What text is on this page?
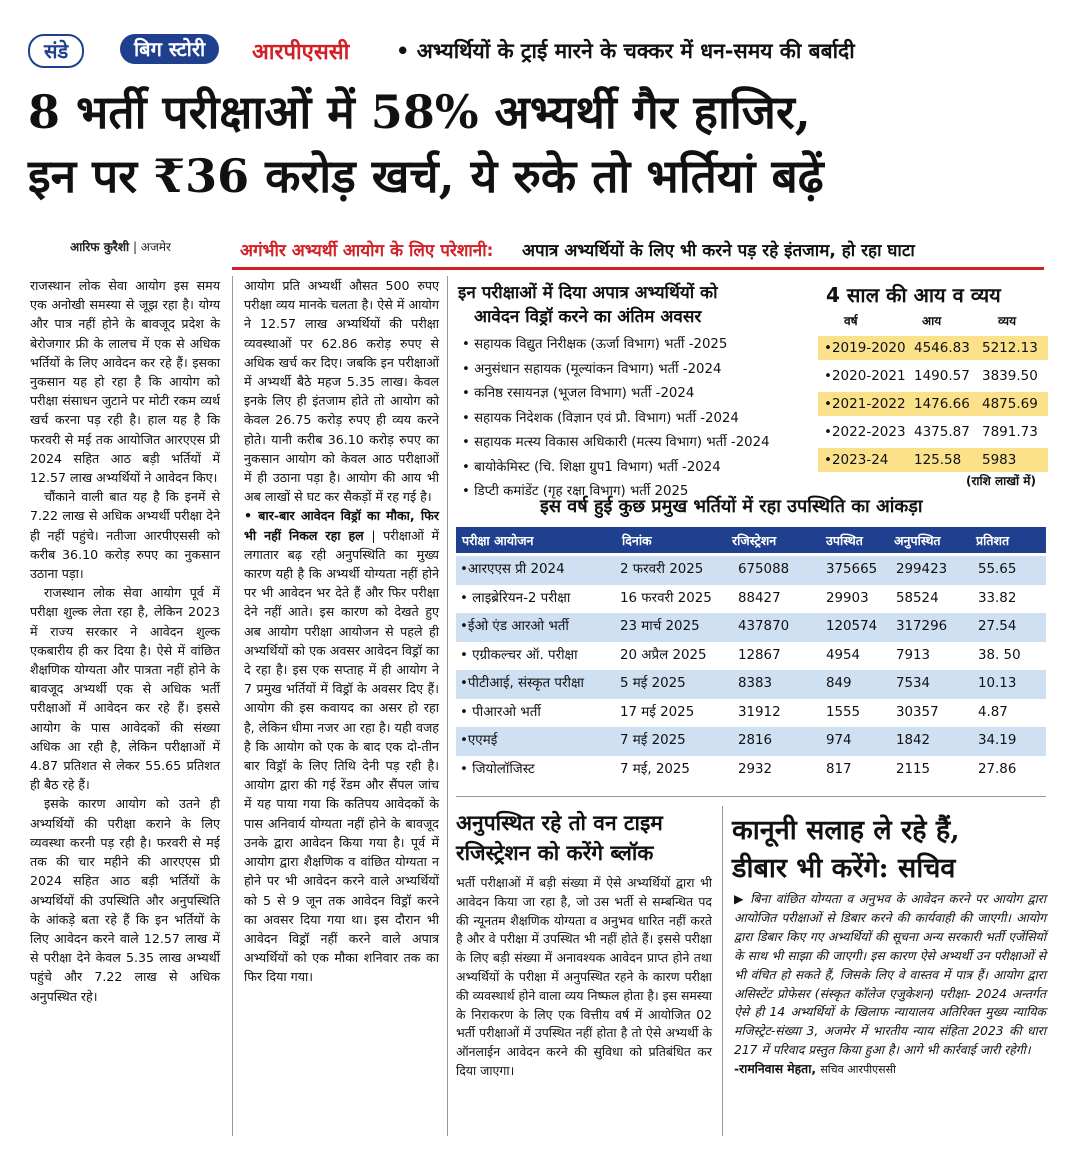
संडे	बिग स्टोरी	आरपीएससी • अभ्यर्थियों के ट्राई मारने के चक्कर में धन-समय की बर्बादी
8 भर्ती परीक्षाओं में 58% अभ्यर्थी गैर हाजिर,
इन पर ₹36 करोड़ खर्च, ये रुके तो भर्तियां बढ़ें
आरिफ कुरैशी | अजमेर	अगंभीर अभ्यर्थी आयोग के लिए परेशानी: अपात्र अभ्यर्थियों के लिए भी करने पड़ रहे इंतजाम, हो रहा घाटा

राजस्थान लोक सेवा आयोग इस समय एक अनोखी समस्या से जूझ रहा है। योग्य और पात्र नहीं होने के बावजूद प्रदेश के बेरोजगार फ्री के लालच में एक से अधिक भर्तियों के लिए आवेदन कर रहे हैं। इसका नुकसान यह हो रहा है कि आयोग को परीक्षा संसाधन जुटाने पर मोटी रकम व्यर्थ खर्च करना पड़ रही है। हाल यह है कि फरवरी से मई तक आयोजित आरएएस प्री 2024 सहित आठ बड़ी भर्तियों में 12.57 लाख अभ्यर्थियों ने आवेदन किए।

चौंकाने वाली बात यह है कि इनमें से 7.22 लाख से अधिक अभ्यर्थी परीक्षा देने ही नहीं पहुंचे। नतीजा आरपीएससी को करीब 36.10 करोड़ रुपए का नुकसान उठाना पड़ा।

राजस्थान लोक सेवा आयोग पूर्व में परीक्षा शुल्क लेता रहा है, लेकिन 2023 में राज्य सरकार ने आवेदन शुल्क एकबारीय ही कर दिया है। ऐसे में वांछित शैक्षणिक योग्यता और पात्रता नहीं होने के बावजूद अभ्यर्थी एक से अधिक भर्ती परीक्षाओं में आवेदन कर रहे हैं। इससे आयोग के पास आवेदकों की संख्या अधिक आ रही है, लेकिन परीक्षाओं में 4.87 प्रतिशत से लेकर 55.65 प्रतिशत ही बैठ रहे हैं।

इसके कारण आयोग को उतने ही अभ्यर्थियों की परीक्षा कराने के लिए व्यवस्था करनी पड़ रही है। फरवरी से मई तक की चार महीने की आरएएस प्री 2024 सहित आठ बड़ी भर्तियों के अभ्यर्थियों की उपस्थिति और अनुपस्थिति के आंकड़े बता रहे हैं कि इन भर्तियों के लिए आवेदन करने वाले 12.57 लाख में से परीक्षा देने केवल 5.35 लाख अभ्यर्थी पहुंचे और 7.22 लाख से अधिक अनुपस्थित रहे।

आयोग प्रति अभ्यर्थी औसत 500 रुपए परीक्षा व्यय मानके चलता है। ऐसे में आयोग ने 12.57 लाख अभ्यर्थियों की परीक्षा व्यवस्थाओं पर 62.86 करोड़ रुपए से अधिक खर्च कर दिए। जबकि इन परीक्षाओं में अभ्यर्थी बैठे महज 5.35 लाख। केवल इनके लिए ही इंतजाम होते तो आयोग को केवल 26.75 करोड़ रुपए ही व्यय करने होते। यानी करीब 36.10 करोड़ रुपए का नुकसान आयोग को केवल आठ परीक्षाओं में ही उठाना पड़ा है। आयोग की आय भी अब लाखों से घट कर सैकड़ों में रह गई है।

• बार-बार आवेदन विड्रॉ का मौका, फिर भी नहीं निकल रहा हल | परीक्षाओं में लगातार बढ़ रही अनुपस्थिति का मुख्य कारण यही है कि अभ्यर्थी योग्यता नहीं होने पर भी आवेदन भर देते हैं और फिर परीक्षा देने नहीं आते। इस कारण को देखते हुए अब आयोग परीक्षा आयोजन से पहले ही अभ्यर्थियों को एक अवसर आवेदन विड्रॉ का दे रहा है। इस एक सप्ताह में ही आयोग ने 7 प्रमुख भर्तियों में विड्रॉ के अवसर दिए हैं। आयोग की इस कवायद का असर हो रहा है, लेकिन धीमा नजर आ रहा है। यही वजह है कि आयोग को एक के बाद एक दो-तीन बार विड्रॉ के लिए तिथि देनी पड़ रही है। आयोग द्वारा की गई रेंडम और सैंपल जांच में यह पाया गया कि कतिपय आवेदकों के पास अनिवार्य योग्यता नहीं होने के बावजूद उनके द्वारा आवेदन किया गया है। पूर्व में आयोग द्वारा शैक्षणिक व वांछित योग्यता न होने पर भी आवेदन करने वाले अभ्यर्थियों को 5 से 9 जून तक आवेदन विड्रॉ करने का अवसर दिया गया था। इस दौरान भी आवेदन विड्रॉ नहीं करने वाले अपात्र अभ्यर्थियों को एक मौका शनिवार तक का फिर दिया गया।

इन परीक्षाओं में दिया अपात्र अभ्यर्थियों को
आवेदन विड्रॉ करने का अंतिम अवसर
• सहायक विद्युत निरीक्षक (ऊर्जा विभाग) भर्ती -2025
• अनुसंधान सहायक (मूल्यांकन विभाग) भर्ती -2024
• कनिष्ठ रसायनज्ञ (भूजल विभाग) भर्ती -2024
• सहायक निदेशक (विज्ञान एवं प्रौ. विभाग) भर्ती -2024
• सहायक मत्स्य विकास अधिकारी (मत्स्य विभाग) भर्ती -2024
• बायोकेमिस्ट (चि. शिक्षा ग्रुप1 विभाग) भर्ती -2024
• डिप्टी कमांडेंट (गृह रक्षा विभाग) भर्ती 2025
4 साल की आय व व्यय
वर्ष	आय	व्यय
•2019-2020 4546.83 5212.13
•2020-2021 1490.57 3839.50
•2021-2022 1476.66 4875.69
•2022-2023 4375.87 7891.73
•2023-24 125.58 5983
(राशि लाखों में)
इस वर्ष हुई कुछ प्रमुख भर्तियों में रहा उपस्थिति का आंकड़ा
परीक्षा आयोजन	दिनांक	रजिस्ट्रेशन	उपस्थित अनुपस्थित	प्रतिशत
•आरएएस प्री 2024	2 फरवरी 2025	675088	375665 299423 55.65
• लाइब्रेरियन-2 परीक्षा	16 फरवरी 2025 88427	29903 58524	33.82
•ईओ एंड आरओ भर्ती	23 मार्च 2025	437870	120574 317296 27.54
• एग्रीकल्चर ऑ. परीक्षा	20 अप्रैल 2025 12867	4954	7913	38. 50
•पीटीआई, संस्कृत परीक्षा	5 मई 2025	8383	849	7534	10.13
• पीआरओ भर्ती	17 मई 2025	31912	1555	30357	4.87
•एएमई	7 मई 2025	2816	974	1842	34.19
• जियोलॉजिस्ट	7 मई, 2025	2932	817	2115	27.86
अनुपस्थित रहे तो वन टाइम
रजिस्ट्रेशन को करेंगे ब्लॉक
भर्ती परीक्षाओं में बड़ी संख्या में ऐसे अभ्यर्थियों द्वारा भी आवेदन किया जा रहा है, जो उस भर्ती से सम्बन्धित पद की न्यूनतम शैक्षणिक योग्यता व अनुभव धारित नहीं करते है और वे परीक्षा में उपस्थित भी नहीं होते हैं। इससे परीक्षा के लिए बड़ी संख्या में अनावश्यक आवेदन प्राप्त होने तथा अभ्यर्थियों के परीक्षा में अनुपस्थित रहने के कारण परीक्षा की व्यवस्थार्थ होने वाला व्यय निष्फल होता है। इस समस्या के निराकरण के लिए एक वित्तीय वर्ष में आयोजित 02 भर्ती परीक्षाओं में उपस्थित नहीं होता है तो ऐसे अभ्यर्थी के ऑनलाईन आवेदन करने की सुविधा को प्रतिबंधित कर दिया जाएगा।
कानूनी सलाह ले रहे हैं,
डीबार भी करेंगे: सचिव
▶ बिना वांछित योग्यता व अनुभव के आवेदन करने पर आयोग द्वारा आयोजित परीक्षाओं से डिबार करने की कार्यवाही की जाएगी। आयोग द्वारा डिबार किए गए अभ्यर्थियों की सूचना अन्य सरकारी भर्ती एजेंसियों के साथ भी साझा की जाएगी। इस कारण ऐसे अभ्यर्थी उन परीक्षाओं से भी वंचित हो सकते हैं, जिसके लिए वे वास्तव में पात्र हैं। आयोग द्वारा असिस्टेंट प्रोफेसर (संस्कृत कॉलेज एजुकेशन) परीक्षा- 2024 अन्तर्गत ऐसे ही 14 अभ्यर्थियों के खिलाफ न्यायालय अतिरिक्त मुख्य न्यायिक मजिस्ट्रेट-संख्या 3, अजमेर में भारतीय न्याय संहिता 2023 की धारा 217 में परिवाद प्रस्तुत किया हुआ है। आगे भी कार्रवाई जारी रहेगी।
-रामनिवास मेहता, सचिव आरपीएससी
